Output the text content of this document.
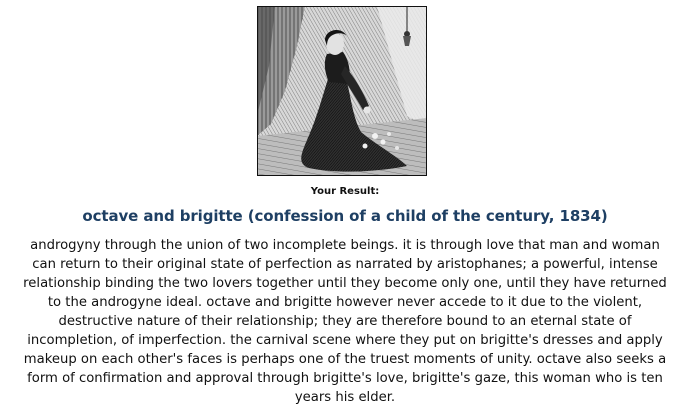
Your Result:
octave and brigitte (confession of a child of the century, 1834)

androgyny through the union of two incomplete beings. it is through love that man and woman can return to their original state of perfection as narrated by aristophanes; a powerful, intense relationship binding the two lovers together until they become only one, until they have returned to the androgyne ideal. octave and brigitte however never accede to it due to the violent, destructive nature of their relationship; they are therefore bound to an eternal state of incompletion, of imperfection. the carnival scene where they put on brigitte's dresses and apply makeup on each other's faces is perhaps one of the truest moments of unity. octave also seeks a form of confirmation and approval through brigitte's love, brigitte's gaze, this woman who is ten years his elder.
